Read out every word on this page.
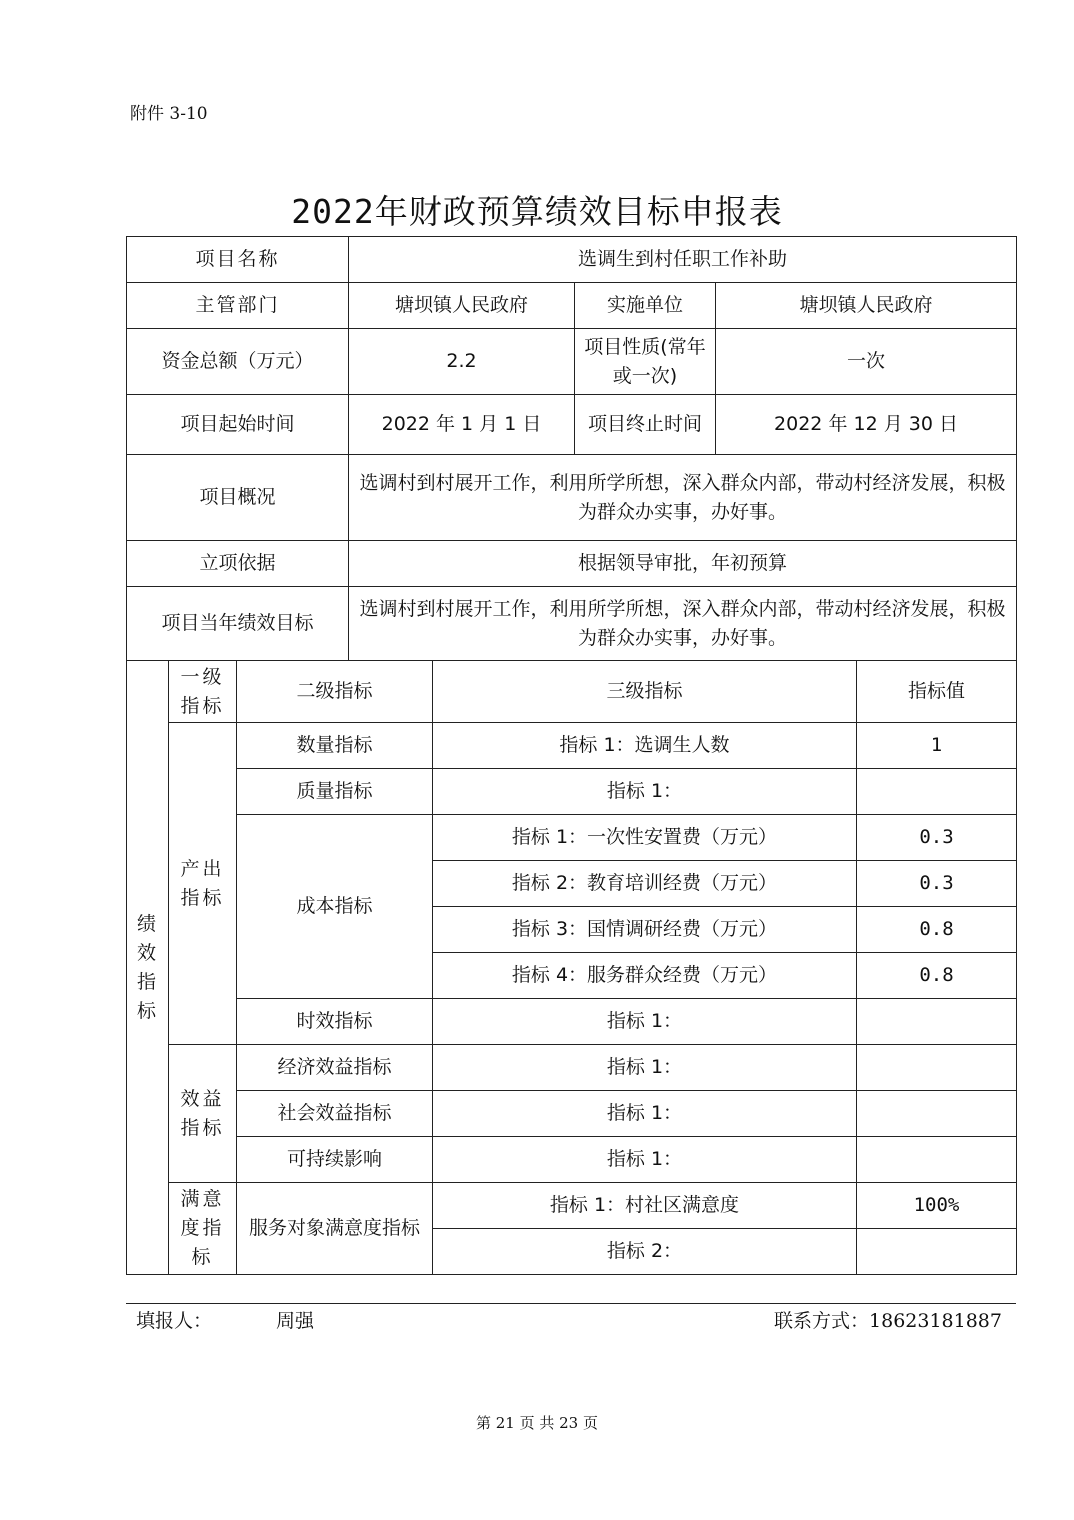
附件 3-10
2022年财政预算绩效目标申报表
项目名称			选调生到村任职工作补助				
主管部门			塘坝镇人民政府		实施单位	塘坝镇人民政府	
资金总额（万元）			2.2		项目性质(常年或一次)	一次	
项目起始时间			2022 年 1 月 1 日		项目终止时间	2022 年 12 月 30 日	
项目概况			选调村到村展开工作，利用所学所想，深入群众内部，带动村经济发展，积极为群众办实事，办好事。				
立项依据			根据领导审批，年初预算				
项目当年绩效目标			选调村到村展开工作，利用所学所想，深入群众内部，带动村经济发展，积极为群众办实事，办好事。				
绩效指标	一级指标	二级指标		三级指标			指标值
	产出指标	数量指标		指标 1：选调生人数			1
		质量指标		指标 1：			
		成本指标		指标 1：一次性安置费（万元）			0.3
				指标 2：教育培训经费（万元）			0.3
				指标 3：国情调研经费（万元）			0.8
				指标 4：服务群众经费（万元）			0.8
		时效指标		指标 1：			
	效益指标	经济效益指标		指标 1：			
		社会效益指标		指标 1：			
		可持续影响		指标 1：			
	满意度指标	服务对象满意度指标		指标 1：村社区满意度			100%
				指标 2：			
填报人：	周强	联系方式：18623181887
第 21 页 共 23 页
